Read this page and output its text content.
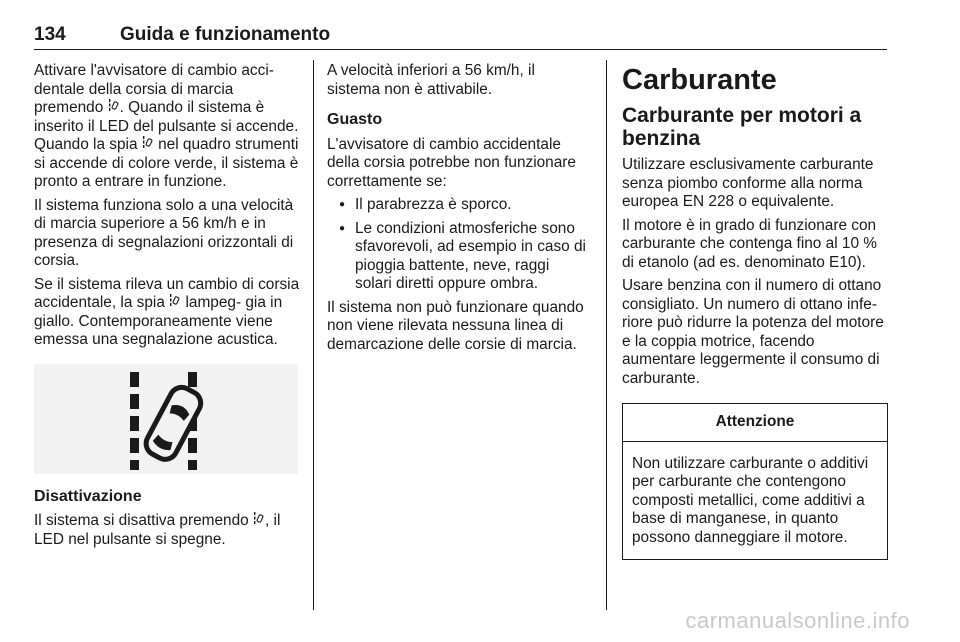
134	Guida e funzionamento

Attivare l'avvisatore di cambio acci- dentale della corsia di marcia premendo . Quando il sistema è inserito il LED del pulsante si accende. Quando la spia  nel quadro strumenti si accende di colore verde, il sistema è pronto a entrare in funzione.

Il sistema funziona solo a una velocità di marcia superiore a 56 km/h e in presenza di segnalazioni orizzontali di corsia.

Se il sistema rileva un cambio di corsia accidentale, la spia  lampeg- gia in giallo. Contemporaneamente viene emessa una segnalazione acustica.

Disattivazione

Il sistema si disattiva premendo , il LED nel pulsante si spegne.

A velocità inferiori a 56 km/h, il sistema non è attivabile.

Guasto

L'avvisatore di cambio accidentale della corsia potrebbe non funzionare correttamente se:

● Il parabrezza è sporco.
● Le condizioni atmosferiche sono sfavorevoli, ad esempio in caso di pioggia battente, neve, raggi solari diretti oppure ombra.

Il sistema non può funzionare quando non viene rilevata nessuna linea di demarcazione delle corsie di marcia.

Carburante
Carburante per motori a benzina

Utilizzare esclusivamente carburante senza piombo conforme alla norma europea EN 228 o equivalente.

Il motore è in grado di funzionare con carburante che contenga fino al 10 % di etanolo (ad es. denominato E10).

Usare benzina con il numero di ottano consigliato. Un numero di ottano infe- riore può ridurre la potenza del motore e la coppia motrice, facendo aumentare leggermente il consumo di carburante.

Attenzione
Non utilizzare carburante o additivi per carburante che contengono composti metallici, come additivi a base di manganese, in quanto possono danneggiare il motore.
carmanualsonline.info
